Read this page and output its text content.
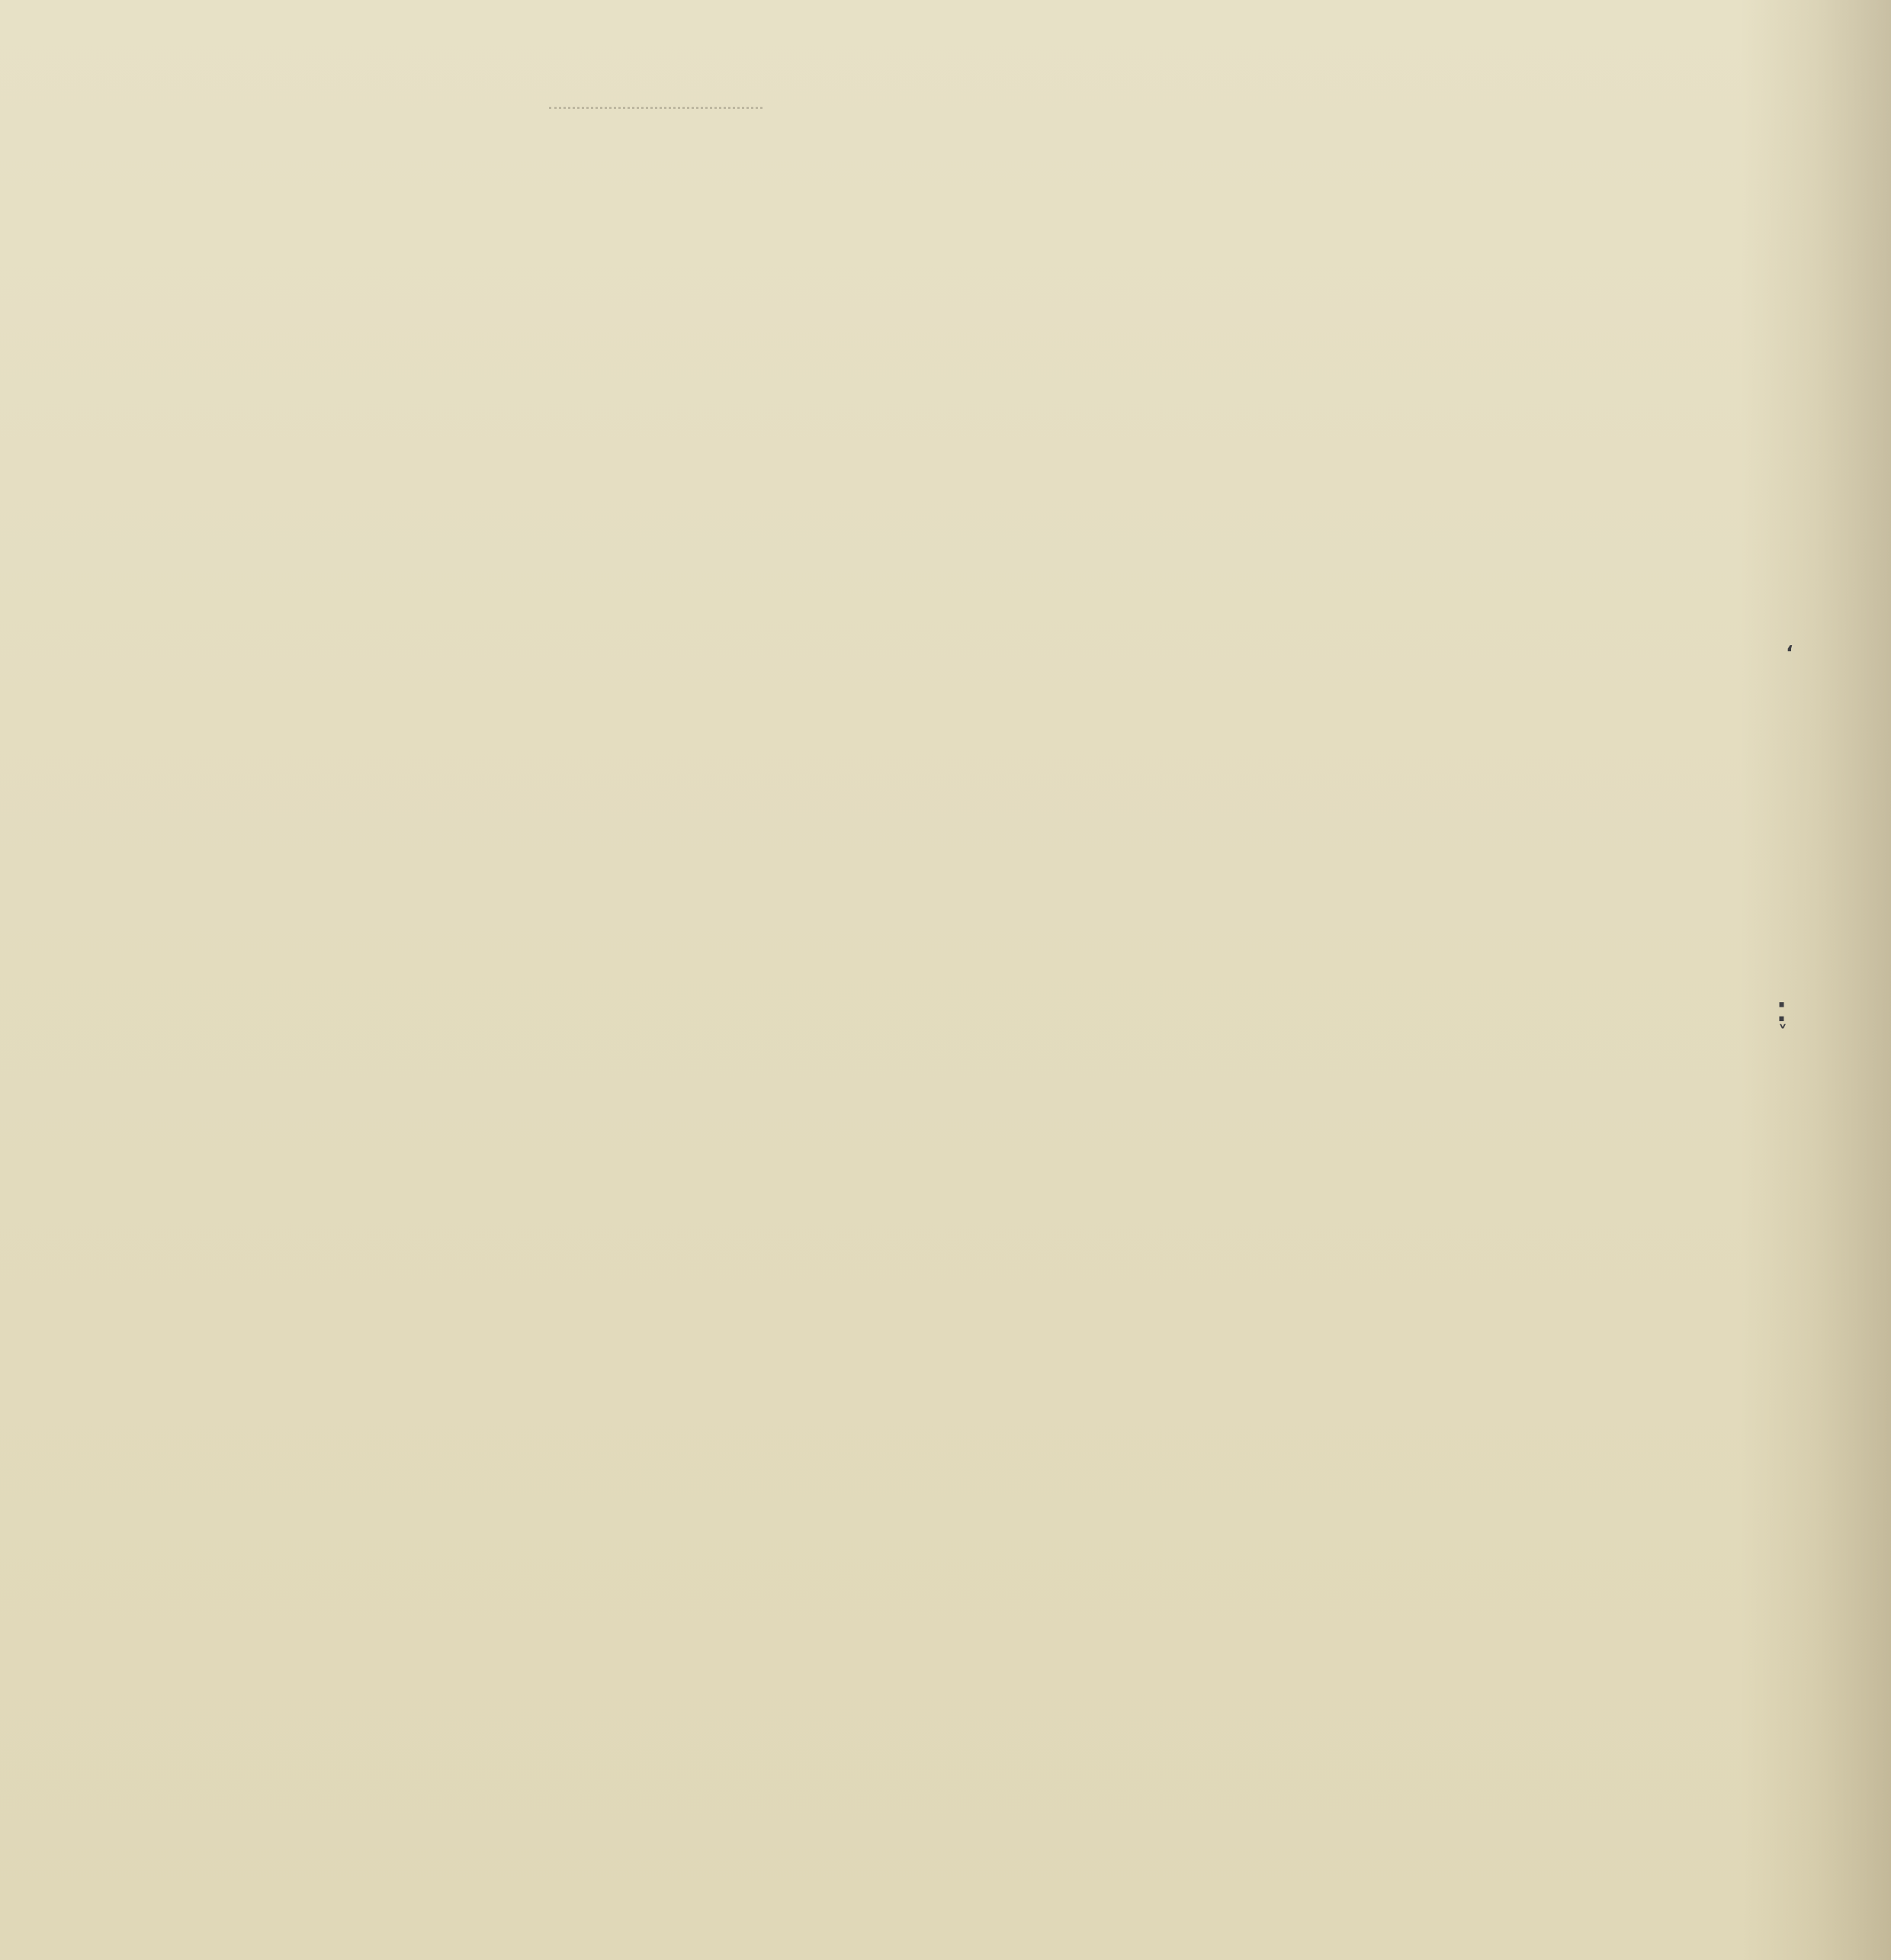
‘
⁚
˅
